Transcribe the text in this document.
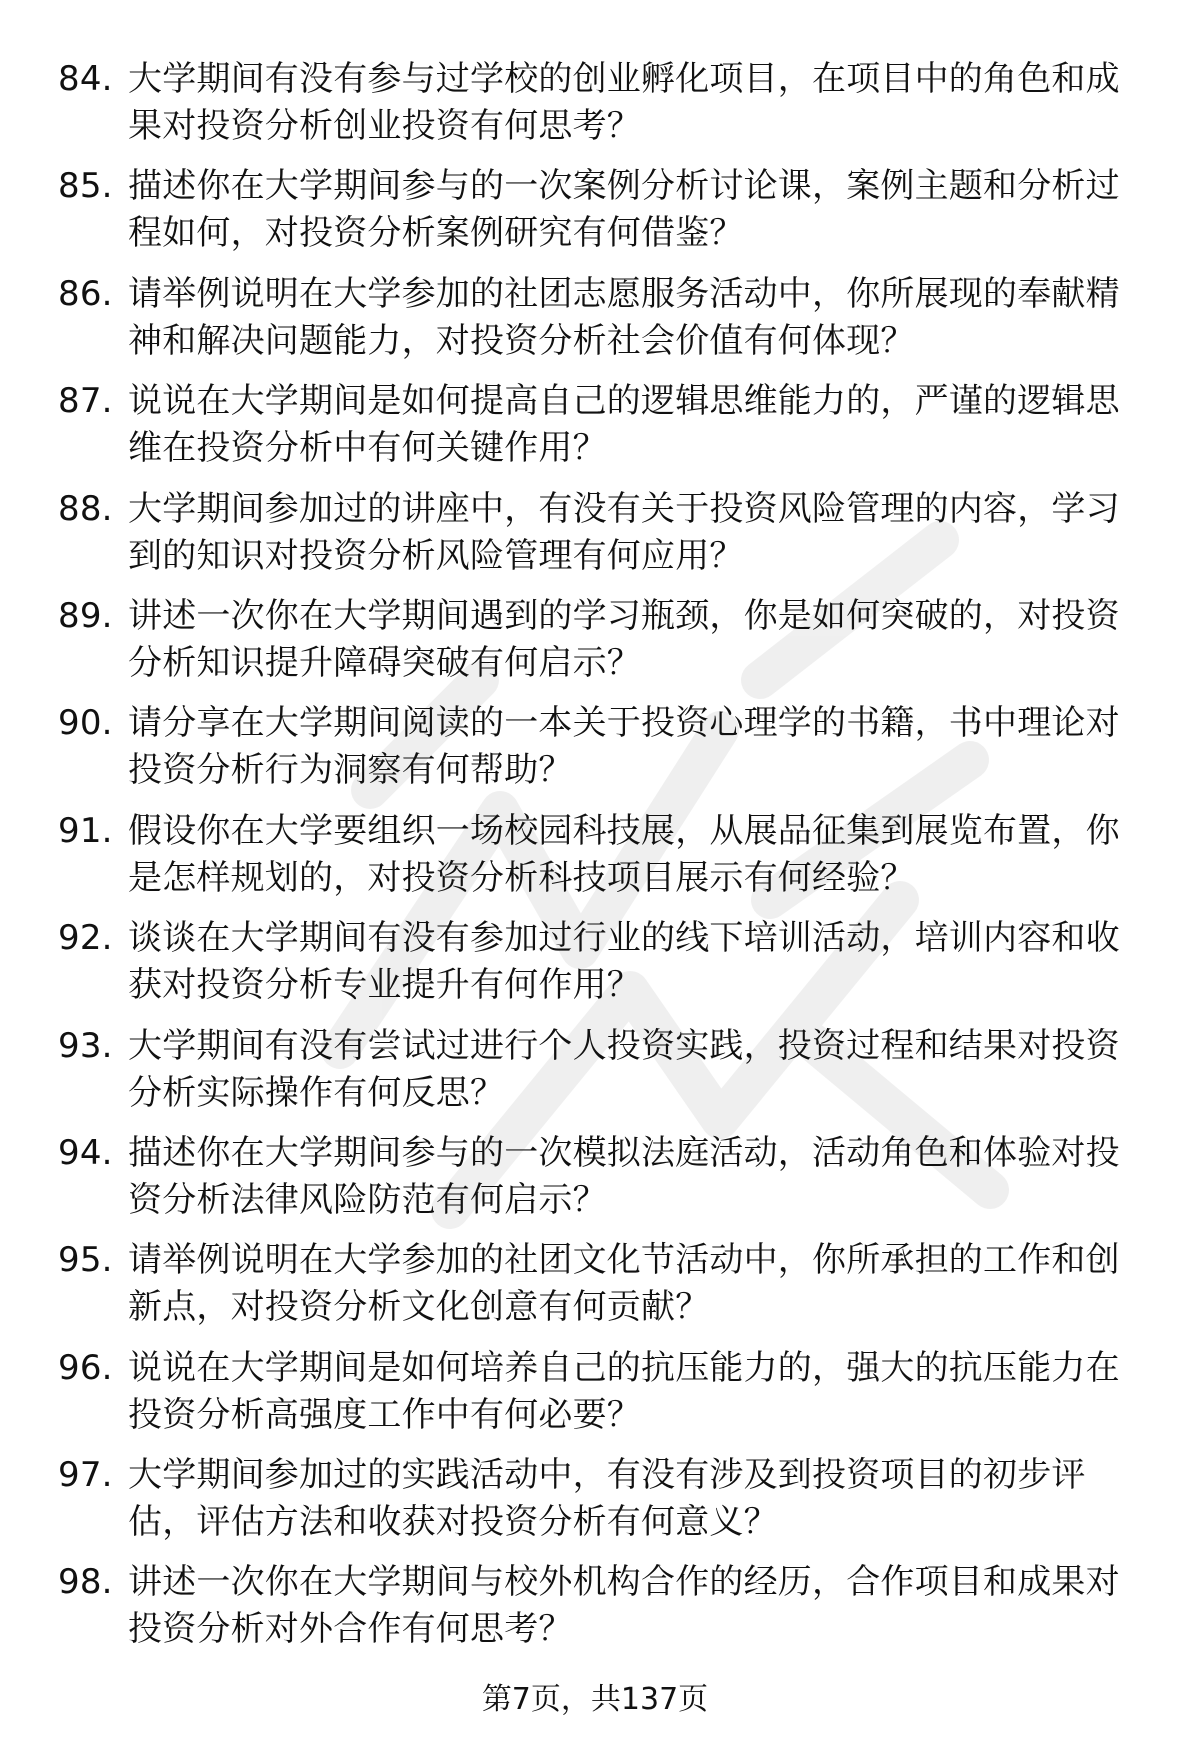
84. 大学期间有没有参与过学校的创业孵化项目，在项目中的角色和成果对投资分析创业投资有何思考？
85. 描述你在大学期间参与的一次案例分析讨论课，案例主题和分析过程如何，对投资分析案例研究有何借鉴？
86. 请举例说明在大学参加的社团志愿服务活动中，你所展现的奉献精神和解决问题能力，对投资分析社会价值有何体现？
87. 说说在大学期间是如何提高自己的逻辑思维能力的，严谨的逻辑思维在投资分析中有何关键作用？
88. 大学期间参加过的讲座中，有没有关于投资风险管理的内容，学习到的知识对投资分析风险管理有何应用？
89. 讲述一次你在大学期间遇到的学习瓶颈，你是如何突破的，对投资分析知识提升障碍突破有何启示？
90. 请分享在大学期间阅读的一本关于投资心理学的书籍，书中理论对投资分析行为洞察有何帮助？
91. 假设你在大学要组织一场校园科技展，从展品征集到展览布置，你是怎样规划的，对投资分析科技项目展示有何经验？
92. 谈谈在大学期间有没有参加过行业的线下培训活动，培训内容和收获对投资分析专业提升有何作用？
93. 大学期间有没有尝试过进行个人投资实践，投资过程和结果对投资分析实际操作有何反思？
94. 描述你在大学期间参与的一次模拟法庭活动，活动角色和体验对投资分析法律风险防范有何启示？
95. 请举例说明在大学参加的社团文化节活动中，你所承担的工作和创新点，对投资分析文化创意有何贡献？
96. 说说在大学期间是如何培养自己的抗压能力的，强大的抗压能力在投资分析高强度工作中有何必要？
97. 大学期间参加过的实践活动中，有没有涉及到投资项目的初步评估，评估方法和收获对投资分析有何意义？
98. 讲述一次你在大学期间与校外机构合作的经历，合作项目和成果对投资分析对外合作有何思考？
第7页，共137页
